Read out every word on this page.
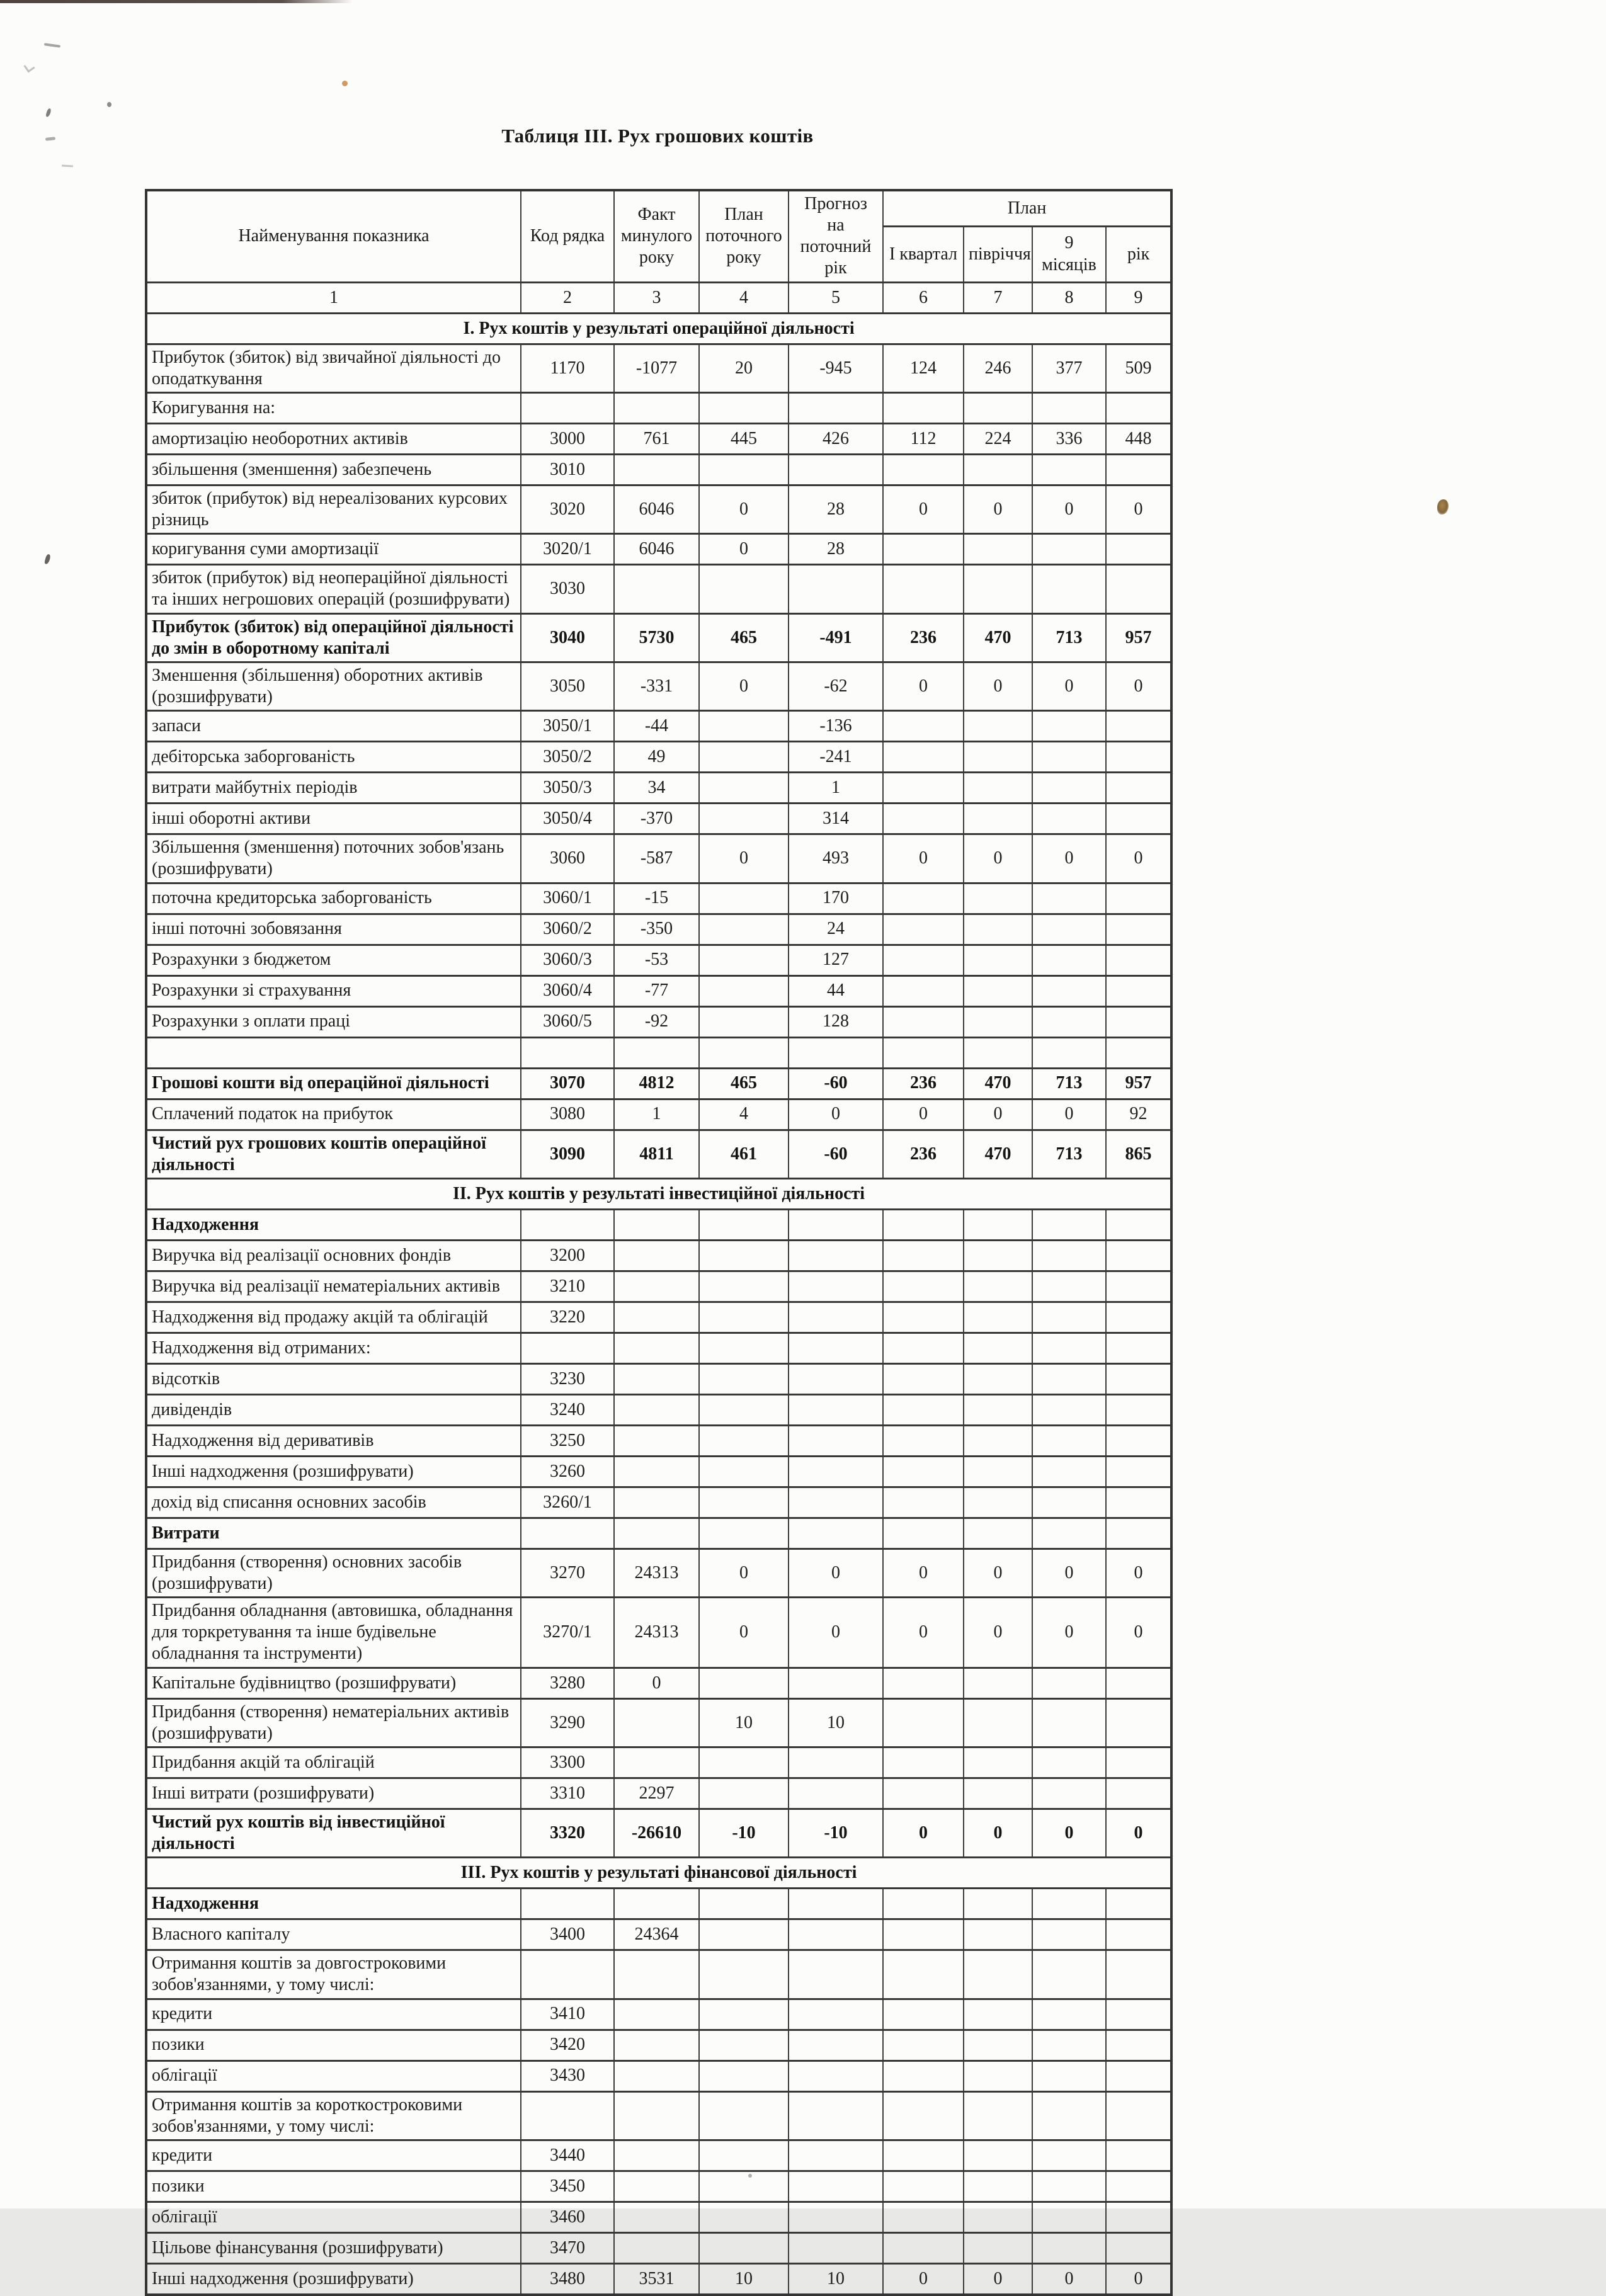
Таблиця III. Рух грошових коштів
Найменування показника	Код рядка	Факт минулого року	План поточного року	Прогноз на поточний рік	План			
					I квартал	півріччя	9 місяців	рік
1	2	3	4	5	6	7	8	9
I. Рух коштів у результаті операційної діяльності								
Прибуток (збиток) від звичайної діяльності до оподаткування	1170	-1077	20	-945	124	246	377	509
Коригування на:								
амортизацію необоротних активів	3000	761	445	426	112	224	336	448
збільшення (зменшення) забезпечень	3010							
збиток (прибуток) від нереалізованих курсових різниць	3020	6046	0	28	0	0	0	0
коригування суми амортизації	3020/1	6046	0	28				
збиток (прибуток) від неопераційної діяльності та інших негрошових операцій (розшифрувати)	3030							
Прибуток (збиток) від операційної діяльності до змін в оборотному капіталі	3040	5730	465	-491	236	470	713	957
Зменшення (збільшення) оборотних активів (розшифрувати)	3050	-331	0	-62	0	0	0	0
запаси	3050/1	-44		-136				
дебіторська заборгованість	3050/2	49		-241				
витрати майбутніх періодів	3050/3	34		1				
інші оборотні активи	3050/4	-370		314				
Збільшення (зменшення) поточних зобов'язань (розшифрувати)	3060	-587	0	493	0	0	0	0
поточна кредиторська заборгованість	3060/1	-15		170				
інші поточні зобовязання	3060/2	-350		24				
Розрахунки з бюджетом	3060/3	-53		127				
Розрахунки зі страхування	3060/4	-77		44				
Розрахунки з оплати праці	3060/5	-92		128				

Грошові кошти від операційної діяльності	3070	4812	465	-60	236	470	713	957
Сплачений податок на прибуток	3080	1	4	0	0	0	0	92
Чистий рух грошових коштів операційної діяльності	3090	4811	461	-60	236	470	713	865
II. Рух коштів у результаті інвестиційної діяльності								
Надходження								
Виручка від реалізації основних фондів	3200							
Виручка від реалізації нематеріальних активів	3210							
Надходження від продажу акцій та облігацій	3220							
Надходження від отриманих:								
відсотків	3230							
дивідендів	3240							
Надходження від деривативів	3250							
Інші надходження (розшифрувати)	3260							
дохід від списання основних засобів	3260/1							
Витрати								
Придбання (створення) основних засобів (розшифрувати)	3270	24313	0	0	0	0	0	0
Придбання обладнання (автовишка, обладнання для торкретування та інше будівельне обладнання та інструменти)	3270/1	24313	0	0	0	0	0	0
Капітальне будівництво (розшифрувати)	3280	0						
Придбання (створення) нематеріальних активів (розшифрувати)	3290		10	10				
Придбання акцій та облігацій	3300							
Інші витрати (розшифрувати)	3310	2297						
Чистий рух коштів від інвестиційної діяльності	3320	-26610	-10	-10	0	0	0	0
III. Рух коштів у результаті фінансової діяльності								
Надходження								
Власного капіталу	3400	24364						
Отримання коштів за довгостроковими зобов'язаннями, у тому числі:								
кредити	3410							
позики	3420							
облігації	3430							
Отримання коштів за короткостроковими зобов'язаннями, у тому числі:								
кредити	3440							
позики	3450							
облігації	3460							
Цільове фінансування (розшифрувати)	3470							
Інші надходження (розшифрувати)	3480	3531	10	10	0	0	0	0
